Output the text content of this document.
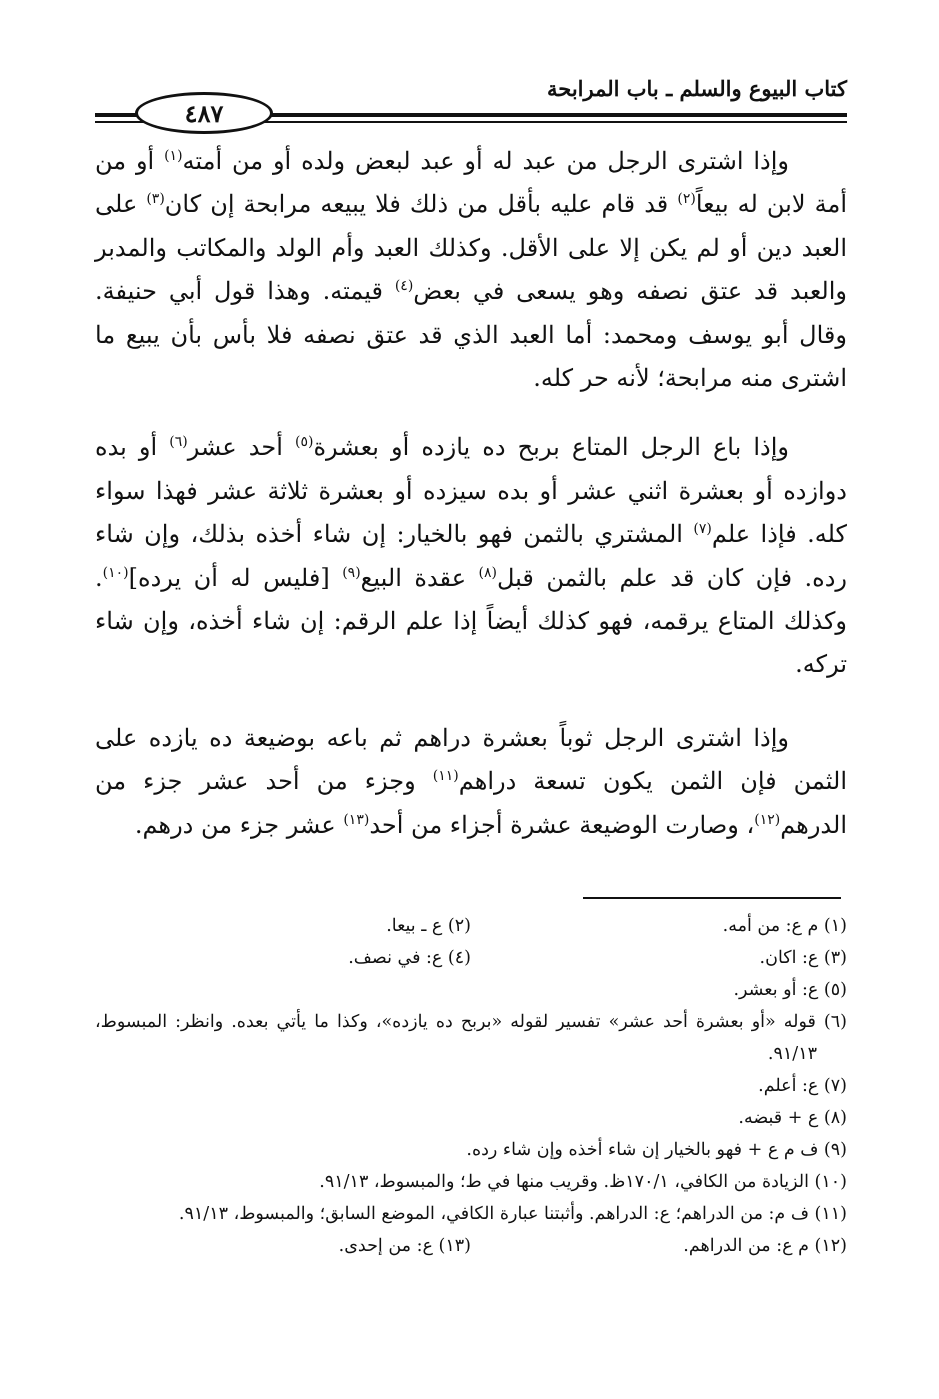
كتاب البيوع والسلم ـ باب المرابحة
٤٨٧

وإذا اشترى الرجل من عبد له أو عبد لبعض ولده أو من أمته$^{(١)}$ أو من أمة لابن له بيعاً$^{(٢)}$ قد قام عليه بأقل من ذلك فلا يبيعه مرابحة إن كان$^{(٣)}$ على العبد دين أو لم يكن إلا على الأقل. وكذلك العبد وأم الولد والمكاتب والمدبر والعبد قد عتق نصفه وهو يسعى في بعض$^{(٤)}$ قيمته. وهذا قول أبي حنيفة. وقال أبو يوسف ومحمد: أما العبد الذي قد عتق نصفه فلا بأس بأن يبيع ما اشترى منه مرابحة؛ لأنه حر كله.

وإذا باع الرجل المتاع بربح ده يازده أو بعشرة$^{(٥)}$ أحد عشر$^{(٦)}$ أو بده دوازده أو بعشرة اثني عشر أو بده سيزده أو بعشرة ثلاثة عشر فهذا سواء كله. فإذا علم$^{(٧)}$ المشتري بالثمن فهو بالخيار: إن شاء أخذه بذلك، وإن شاء رده. فإن كان قد علم بالثمن قبل$^{(٨)}$ عقدة البيع$^{(٩)}$ [فليس له أن يرده]$^{(١٠)}$. وكذلك المتاع يرقمه، فهو كذلك أيضاً إذا علم الرقم: إن شاء أخذه، وإن شاء تركه.

وإذا اشترى الرجل ثوباً بعشرة دراهم ثم باعه بوضيعة ده يازده على الثمن فإن الثمن يكون تسعة دراهم$^{(١١)}$ وجزء من أحد عشر جزء من الدرهم$^{(١٢)}$، وصارت الوضيعة عشرة أجزاء من أحد$^{(١٣)}$ عشر جزء من درهم.

(١) م ع: من أمه.
(٢) ع ـ بيعا.
(٣) ع: اكان.
(٤) ع: في نصف.
(٥) ع: أو بعشر.
(٦) قوله «أو بعشرة أحد عشر» تفسير لقوله «بربح ده يازده»، وكذا ما يأتي بعده. وانظر: المبسوط، ٩١/١٣.
(٧) ع: أعلم.
(٨) ع + قبضه.
(٩) ف م ع + فهو بالخيار إن شاء أخذه وإن شاء رده.
(١٠) الزيادة من الكافي، ١٧٠/١ظ. وقريب منها في ط؛ والمبسوط، ٩١/١٣.
(١١) ف م: من الدراهم؛ ع: الدراهم. وأثبتنا عبارة الكافي، الموضع السابق؛ والمبسوط، ٩١/١٣.
(١٢) م ع: من الدراهم.
(١٣) ع: من إحدى.
